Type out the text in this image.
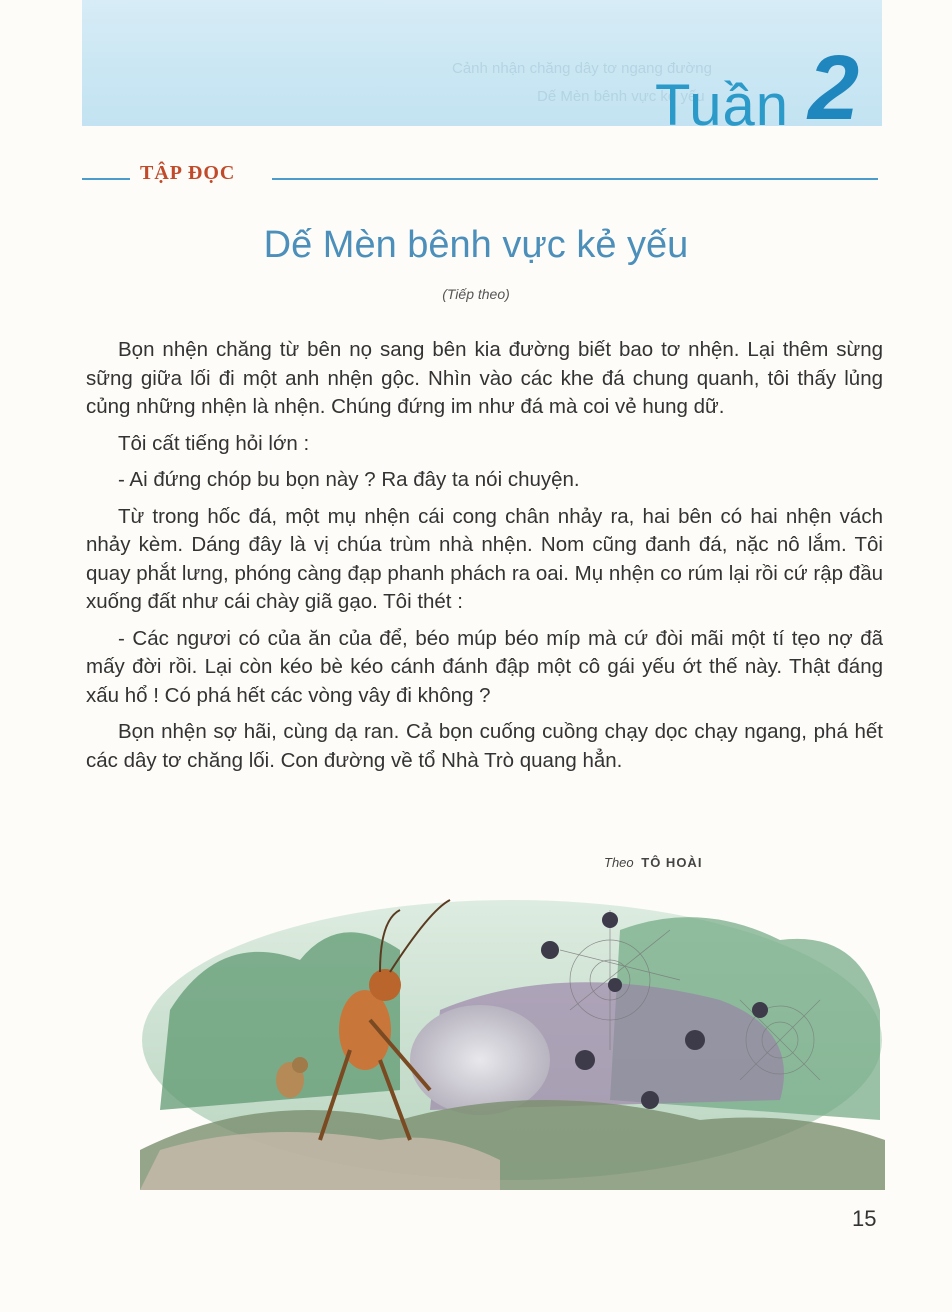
Cảnh nhận chăng dây tơ ngang đường
Dế Mèn bênh vực kẻ yếu
Tuần 2
TẬP ĐỌC
Dế Mèn bênh vực kẻ yếu
(Tiếp theo)

Bọn nhện chăng từ bên nọ sang bên kia đường biết bao tơ nhện. Lại thêm sừng sững giữa lối đi một anh nhện gộc. Nhìn vào các khe đá chung quanh, tôi thấy lủng củng những nhện là nhện. Chúng đứng im như đá mà coi vẻ hung dữ.

Tôi cất tiếng hỏi lớn :

- Ai đứng chóp bu bọn này ? Ra đây ta nói chuyện.

Từ trong hốc đá, một mụ nhện cái cong chân nhảy ra, hai bên có hai nhện vách nhảy kèm. Dáng đây là vị chúa trùm nhà nhện. Nom cũng đanh đá, nặc nô lắm. Tôi quay phắt lưng, phóng càng đạp phanh phách ra oai. Mụ nhện co rúm lại rồi cứ rập đầu xuống đất như cái chày giã gạo. Tôi thét :

- Các ngươi có của ăn của để, béo múp béo míp mà cứ đòi mãi một tí tẹo nợ đã mấy đời rồi. Lại còn kéo bè kéo cánh đánh đập một cô gái yếu ớt thế này. Thật đáng xấu hổ ! Có phá hết các vòng vây đi không ?

Bọn nhện sợ hãi, cùng dạ ran. Cả bọn cuống cuồng chạy dọc chạy ngang, phá hết các dây tơ chăng lối. Con đường về tổ Nhà Trò quang hẳn.

Theo TÔ HOÀI
15
